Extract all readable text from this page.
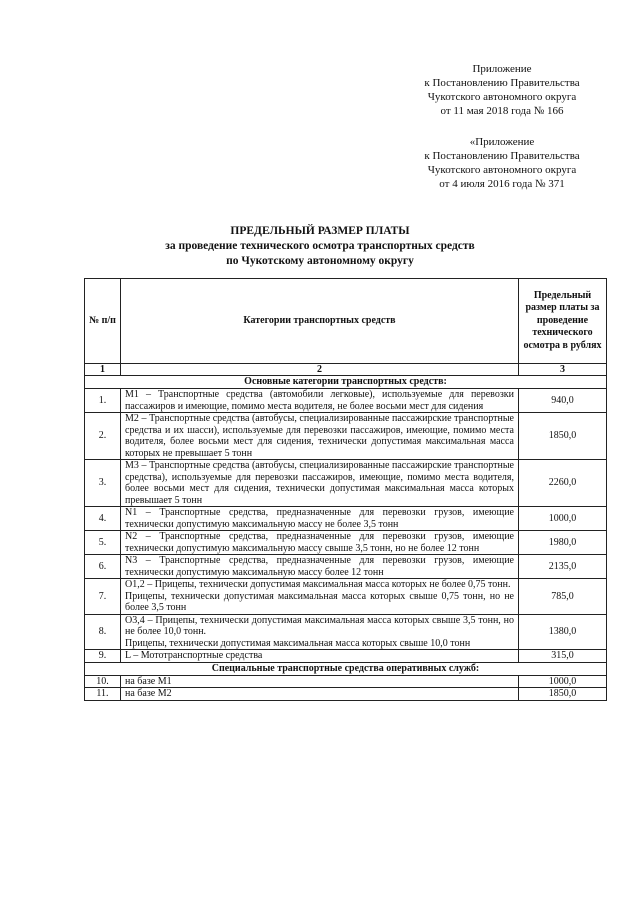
Приложение
к Постановлению Правительства
Чукотского автономного округа
от 11 мая 2018 года № 166
«Приложение
к Постановлению Правительства
Чукотского автономного округа
от 4 июля 2016 года № 371
ПРЕДЕЛЬНЫЙ РАЗМЕР ПЛАТЫ
за проведение технического осмотра транспортных средств
по Чукотскому автономному округу
№ п/п	Категории транспортных средств	Предельный размер платы за проведение технического осмотра в рублях
1	2	3
Основные категории транспортных средств:		
1.	М1 – Транспортные средства (автомобили легковые), используемые для перевозки пассажиров и имеющие, помимо места водителя, не более восьми мест для сидения	940,0
2.	М2 – Транспортные средства (автобусы, специализированные пассажирские транспортные средства и их шасси), используемые для перевозки пассажиров, имеющие, помимо места водителя, более восьми мест для сидения, технически допустимая максимальная масса которых не превышает 5 тонн	1850,0
3.	М3 – Транспортные средства (автобусы, специализированные пассажирские транспортные средства), используемые для перевозки пассажиров, имеющие, помимо места водителя, более восьми мест для сидения, технически допустимая максимальная масса которых превышает 5 тонн	2260,0
4.	N1 – Транспортные средства, предназначенные для перевозки грузов, имеющие технически допустимую максимальную массу не более 3,5 тонн	1000,0
5.	N2 – Транспортные средства, предназначенные для перевозки грузов, имеющие технически допустимую максимальную массу свыше 3,5 тонн, но не более 12 тонн	1980,0
6.	N3 – Транспортные средства, предназначенные для перевозки грузов, имеющие технически допустимую максимальную массу более 12 тонн	2135,0
7.	О1,2 – Прицепы, технически допустимая максимальная масса которых не более 0,75 тонн.
Прицепы, технически допустимая максимальная масса которых свыше 0,75 тонн, но не более 3,5 тонн	785,0
8.	О3,4 – Прицепы, технически допустимая максимальная масса которых свыше 3,5 тонн, но не более 10,0 тонн.
Прицепы, технически допустимая максимальная масса которых свыше 10,0 тонн	1380,0
9.	L – Мототранспортные средства	315,0
Специальные транспортные средства оперативных служб:		
10.	на базе М1	1000,0
11.	на базе М2	1850,0
